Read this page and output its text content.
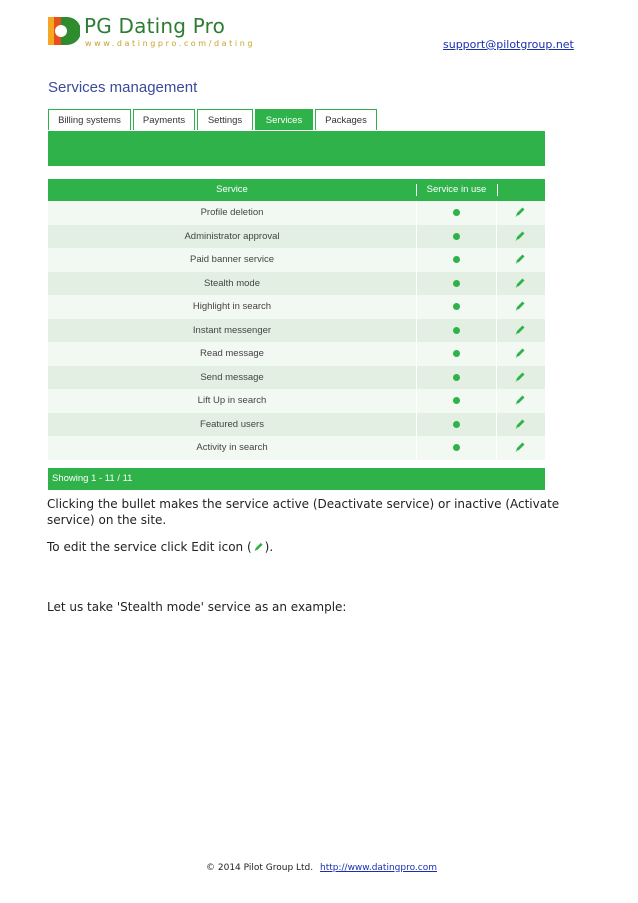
PG Dating Pro
www.datingpro.com/dating	support@pilotgroup.net
Services management
Billing systems	Payments	Settings	Services	Packages
Service	Service in use
Profile deletion
Administrator approval
Paid banner service
Stealth mode
Highlight in search
Instant messenger
Read message
Send message
Lift Up in search
Featured users
Activity in search
Showing 1 - 11 / 11
Clicking the bullet makes the service active (Deactivate service) or inactive (Activate service) on the site.
To edit the service click Edit icon ( ).
Let us take 'Stealth mode' service as an example:
© 2014 Pilot Group Ltd. http://www.datingpro.com
